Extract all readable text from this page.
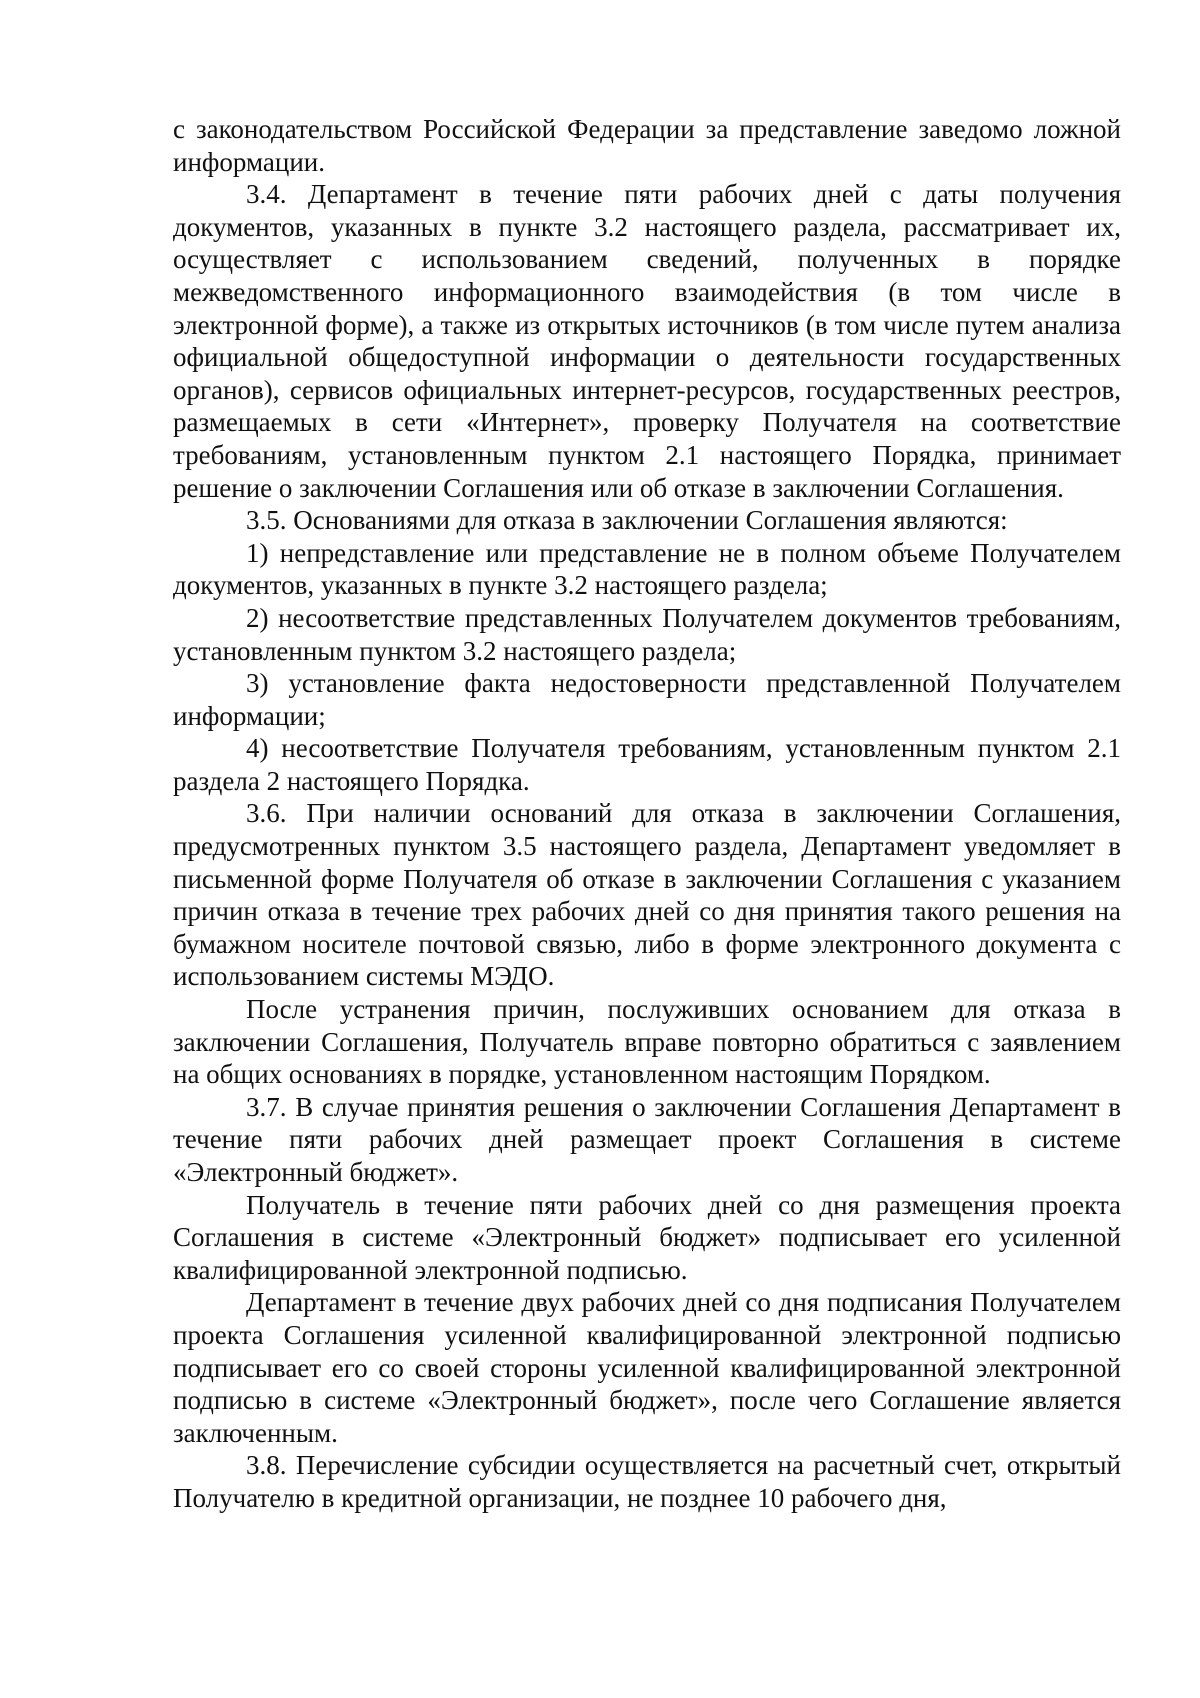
с законодательством Российской Федерации за представление заведомо ложной информации.

3.4. Департамент в течение пяти рабочих дней с даты получения документов, указанных в пункте 3.2 настоящего раздела, рассматривает их, осуществляет с использованием сведений, полученных в порядке межведомственного информационного взаимодействия (в том числе в электронной форме), а также из открытых источников (в том числе путем анализа официальной общедоступной информации о деятельности государственных органов), сервисов официальных интернет-ресурсов, государственных реестров, размещаемых в сети «Интернет», проверку Получателя на соответствие требованиям, установленным пунктом 2.1 настоящего Порядка, принимает решение о заключении Соглашения или об отказе в заключении Соглашения.

3.5. Основаниями для отказа в заключении Соглашения являются:

1) непредставление или представление не в полном объеме Получателем документов, указанных в пункте 3.2 настоящего раздела;

2) несоответствие представленных Получателем документов требованиям, установленным пунктом 3.2 настоящего раздела;

3) установление факта недостоверности представленной Получателем информации;

4) несоответствие Получателя требованиям, установленным пунктом 2.1 раздела 2 настоящего Порядка.

3.6. При наличии оснований для отказа в заключении Соглашения, предусмотренных пунктом 3.5 настоящего раздела, Департамент уведомляет в письменной форме Получателя об отказе в заключении Соглашения с указанием причин отказа в течение трех рабочих дней со дня принятия такого решения на бумажном носителе почтовой связью, либо в форме электронного документа с использованием системы МЭДО.

После устранения причин, послуживших основанием для отказа в заключении Соглашения, Получатель вправе повторно обратиться с заявлением на общих основаниях в порядке, установленном настоящим Порядком.

3.7. В случае принятия решения о заключении Соглашения Департамент в течение пяти рабочих дней размещает проект Соглашения в системе «Электронный бюджет».

Получатель в течение пяти рабочих дней со дня размещения проекта Соглашения в системе «Электронный бюджет» подписывает его усиленной квалифицированной электронной подписью.

Департамент в течение двух рабочих дней со дня подписания Получателем проекта Соглашения усиленной квалифицированной электронной подписью подписывает его со своей стороны усиленной квалифицированной электронной подписью в системе «Электронный бюджет», после чего Соглашение является заключенным.

3.8. Перечисление субсидии осуществляется на расчетный счет, открытый Получателю в кредитной организации, не позднее 10 рабочего дня,
